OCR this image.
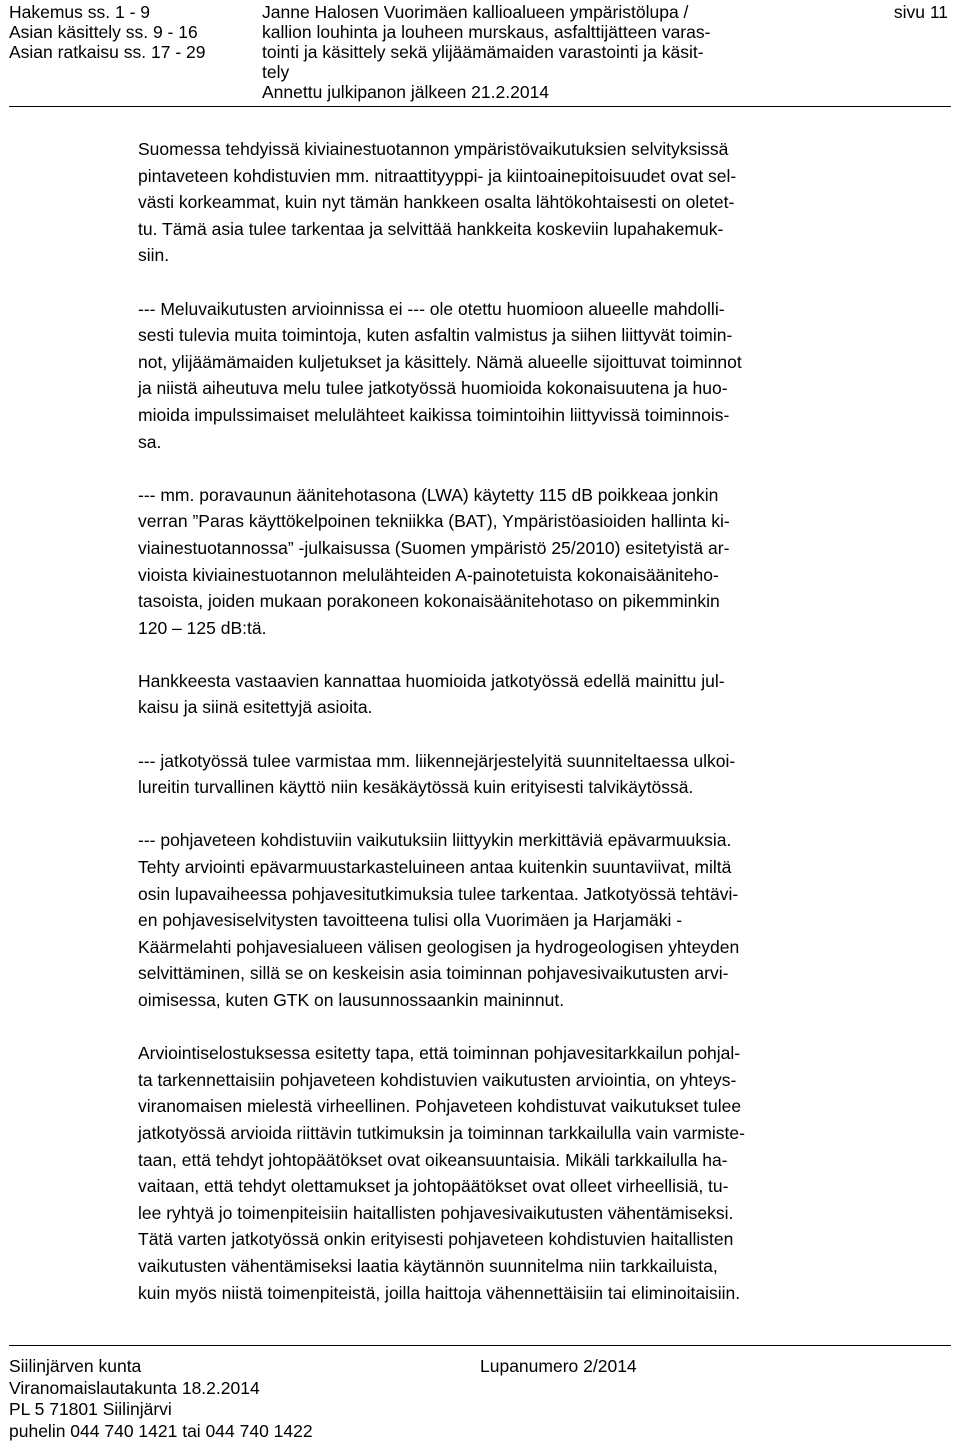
Hakemus ss. 1 - 9
Asian käsittely ss. 9 - 16
Asian ratkaisu ss. 17 - 29
Janne Halosen Vuorimäen kallioalueen ympäristölupa /
kallion louhinta ja louheen murskaus, asfalttijätteen varas-
tointi ja käsittely sekä ylijäämämaiden varastointi ja käsit-
tely
Annettu julkipanon jälkeen 21.2.2014
sivu 11

Suomessa tehdyissä kiviainestuotannon ympäristövaikutuksien selvityksissä
pintaveteen kohdistuvien mm. nitraattityyppi- ja kiintoainepitoisuudet ovat sel-
västi korkeammat, kuin nyt tämän hankkeen osalta lähtökohtaisesti on oletet-
tu. Tämä asia tulee tarkentaa ja selvittää hankkeita koskeviin lupahakemuk-
siin.

--- Meluvaikutusten arvioinnissa ei --- ole otettu huomioon alueelle mahdolli-
sesti tulevia muita toimintoja, kuten asfaltin valmistus ja siihen liittyvät toimin-
not, ylijäämämaiden kuljetukset ja käsittely. Nämä alueelle sijoittuvat toiminnot
ja niistä aiheutuva melu tulee jatkotyössä huomioida kokonaisuutena ja huo-
mioida impulssimaiset melulähteet kaikissa toimintoihin liittyvissä toiminnois-
sa.

--- mm. poravaunun äänitehotasona (LWA) käytetty 115 dB poikkeaa jonkin
verran ”Paras käyttökelpoinen tekniikka (BAT), Ympäristöasioiden hallinta ki-
viainestuotannossa” -julkaisussa (Suomen ympäristö 25/2010) esitetyistä ar-
vioista kiviainestuotannon melulähteiden A-painotetuista kokonaisäänitehо-
tasoista, joiden mukaan porakoneen kokonaisäänitehotaso on pikemminkin
120 – 125 dB:tä.

Hankkeesta vastaavien kannattaa huomioida jatkotyössä edellä mainittu jul-
kaisu ja siinä esitettyjä asioita.

--- jatkotyössä tulee varmistaa mm. liikennejärjestelyitä suunniteltaessa ulkoi-
lureitin turvallinen käyttö niin kesäkäytössä kuin erityisesti talvikäytössä.

--- pohjaveteen kohdistuviin vaikutuksiin liittyykin merkittäviä epävarmuuksia.
Tehty arviointi epävarmuustarkasteluineen antaa kuitenkin suuntaviivat, miltä
osin lupavaiheessa pohjavesitutkimuksia tulee tarkentaa. Jatkotyössä tehtävi-
en pohjavesiselvitysten tavoitteena tulisi olla Vuorimäen ja Harjamäki -
Käärmelahti pohjavesialueen välisen geologisen ja hydrogeologisen yhteyden
selvittäminen, sillä se on keskeisin asia toiminnan pohjavesivaikutusten arvi-
oimisessa, kuten GTK on lausunnossaankin maininnut.

Arviointiselostuksessa esitetty tapa, että toiminnan pohjavesitarkkailun pohjal-
ta tarkennettaisiin pohjaveteen kohdistuvien vaikutusten arviointia, on yhteys-
viranomaisen mielestä virheellinen. Pohjaveteen kohdistuvat vaikutukset tulee
jatkotyössä arvioida riittävin tutkimuksin ja toiminnan tarkkailulla vain varmiste-
taan, että tehdyt johtopäätökset ovat oikeansuuntaisia. Mikäli tarkkailulla ha-
vaitaan, että tehdyt olettamukset ja johtopäätökset ovat olleet virheellisiä, tu-
lee ryhtyä jo toimenpiteisiin haitallisten pohjavesivaikutusten vähentämiseksi.
Tätä varten jatkotyössä onkin erityisesti pohjaveteen kohdistuvien haitallisten
vaikutusten vähentämiseksi laatia käytännön suunnitelma niin tarkkailuista,
kuin myös niistä toimenpiteistä, joilla haittoja vähennettäisiin tai eliminoitaisiin.

Siilinjärven kunta
Viranomaislautakunta 18.2.2014
PL 5 71801 Siilinjärvi
puhelin 044 740 1421 tai 044 740 1422
Lupanumero 2/2014
